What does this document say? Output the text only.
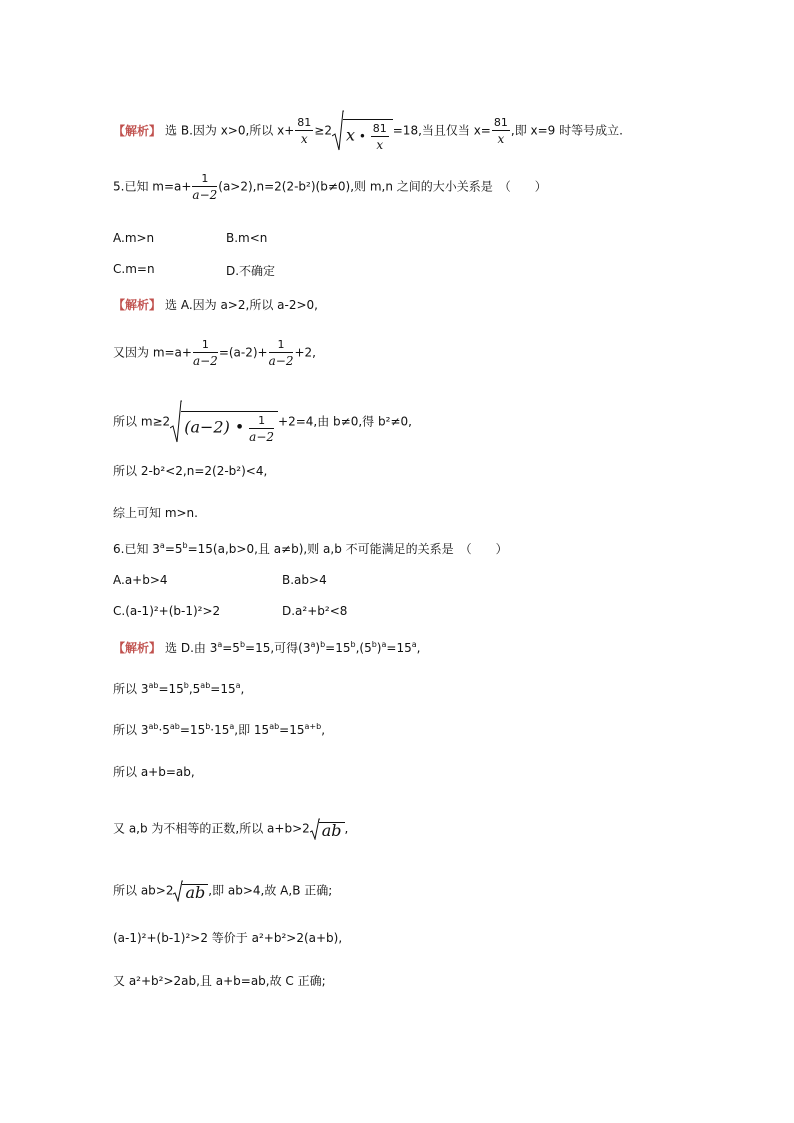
【解析】 选 B.因为 x>0,所以 $x+ \frac{81}{x} \ge 2$ x • $\frac{81}{x} =18$,当且仅当 $x= \frac{81}{x}$ ,即 x=9 时等号成立.
5.已知 $m=a+ \frac{1}{a-2} (a>2),n=2(2-b^2)(b\ne 0)$,则 m,n 之间的大小关系是　（　　）
A.m>n	B.m<n
C.m=n	D.不确定
【解析】 选 A.因为 a>2,所以 a-2>0,
又因为 $m=a+ \frac{1}{a-2} =(a-2)+ \frac{1}{a-2} +2$,
所以 m≥2 (a−2) • $\frac{1}{a-2} +2=4$,由 b≠0,得 b²≠0,
所以 2-b²<2,n=2(2-b²)<4,
综上可知 m>n.
6.已知 $3^a=5^b=15(a,b>0$,且 a≠b),则 a,b 不可能满足的关系是　（　　）
A.a+b>4	B.ab>4
C.(a-1)²+(b-1)²>2	D.a²+b²<8
【解析】 选 D.由 $3^a=5^b=15$,可得$(3^a)^b=15^b,(5^b)^a=15^a$,
所以 $3^{ab}=15^b,5^{ab}=15^a$,
所以 $3^{ab}\cdot 5^{ab}=15^b\cdot 15^a$,即 $15^{ab}=15^{a+b}$,
所以 a+b=ab,
又 a,b 为不相等的正数,所以 a+b>2 ab ,
所以 ab>2 ab ,即 ab>4,故 A,B 正确;
(a-1)²+(b-1)²>2 等价于 a²+b²>2(a+b),
又 a²+b²>2ab,且 a+b=ab,故 C 正确;
